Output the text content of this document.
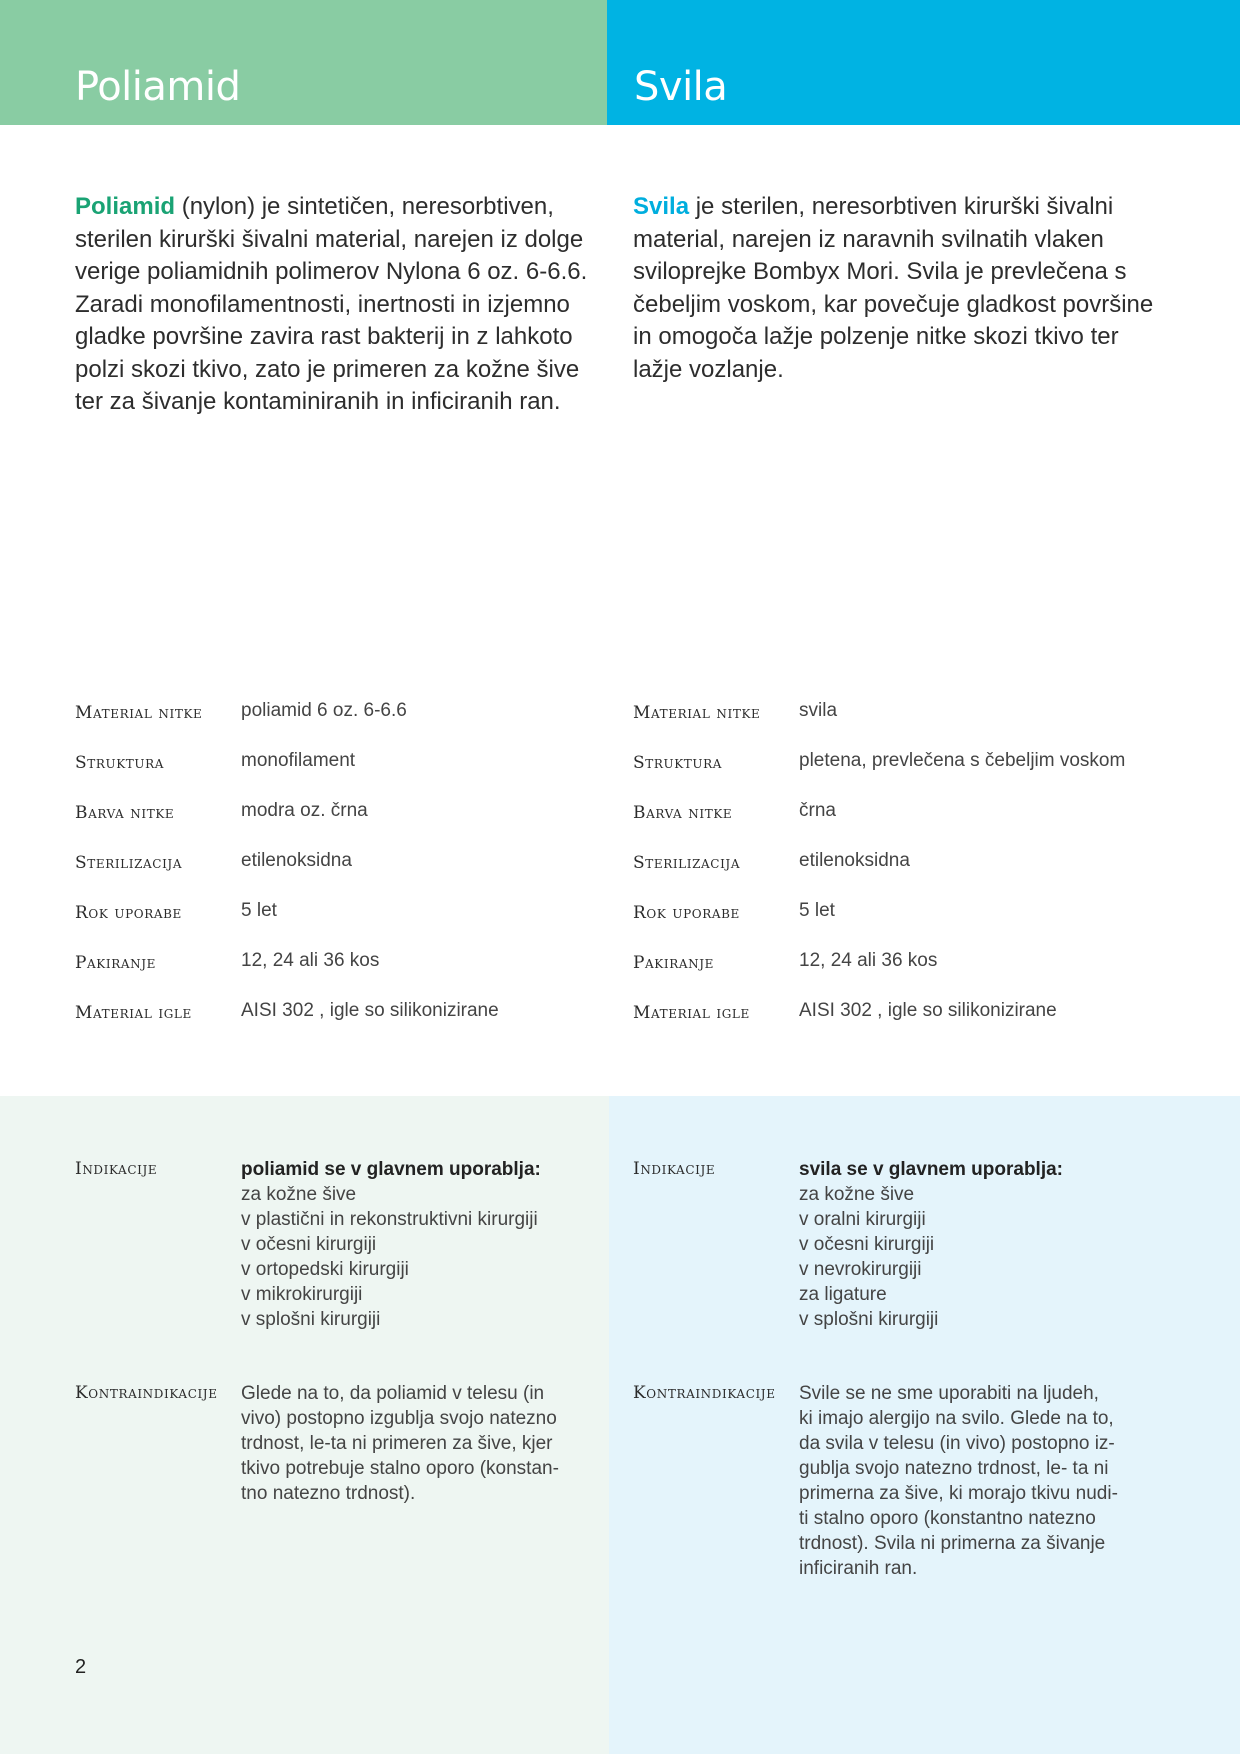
Poliamid	Svila

Poliamid (nylon) je sintetičen, neresorbtiven, sterilen kirurški šivalni material, narejen iz dolge verige poliamidnih polimerov Nylona 6 oz. 6-6.6.

Zaradi monofilamentnosti, inertnosti in izjemno gladke površine zavira rast bakterij in z lahkoto polzi skozi tkivo, zato je primeren za kožne šive ter za šivanje kontaminiranih in inficiranih ran.

Svila je sterilen, neresorbtiven kirurški šivalni material, narejen iz naravnih svilnatih vlaken sviloprejke Bombyx Mori. Svila je prevlečena s čebeljim voskom, kar povečuje gladkost površine in omogoča lažje polzenje nitke skozi tkivo ter lažje vozlanje.

Material nitke	poliamid 6 oz. 6-6.6
Struktura	monofilament
Barva nitke	modra oz. črna
Sterilizacija	etilenoksidna
Rok uporabe	5 let
Pakiranje	12, 24 ali 36 kos
Material igle	AISI 302 , igle so silikonizirane
Material nitke	svila
Struktura	pletena, prevlečena s čebeljim voskom
Barva nitke	črna
Sterilizacija	etilenoksidna
Rok uporabe	5 let
Pakiranje	12, 24 ali 36 kos
Material igle	AISI 302 , igle so silikonizirane
Indikacije	poliamid se v glavnem uporablja:
za kožne šive
v plastični in rekonstruktivni kirurgiji
v očesni kirurgiji
v ortopedski kirurgiji
v mikrokirurgiji
v splošni kirurgiji
Indikacije	svila se v glavnem uporablja:
za kožne šive
v oralni kirurgiji
v očesni kirurgiji
v nevrokirurgiji
za ligature
v splošni kirurgiji
Kontraindikacije	Glede na to, da poliamid v telesu (in

vivo) postopno izgublja svojo natezno

trdnost, le-ta ni primeren za šive, kjer

tkivo potrebuje stalno oporo (konstan-

tno natezno trdnost).

Kontraindikacije	Svile se ne sme uporabiti na ljudeh,

ki imajo alergijo na svilo. Glede na to,

da svila v telesu (in vivo) postopno iz-

gublja svojo natezno trdnost, le- ta ni

primerna za šive, ki morajo tkivu nudi-

ti stalno oporo (konstantno natezno

trdnost). Svila ni primerna za šivanje

inficiranih ran.

2
